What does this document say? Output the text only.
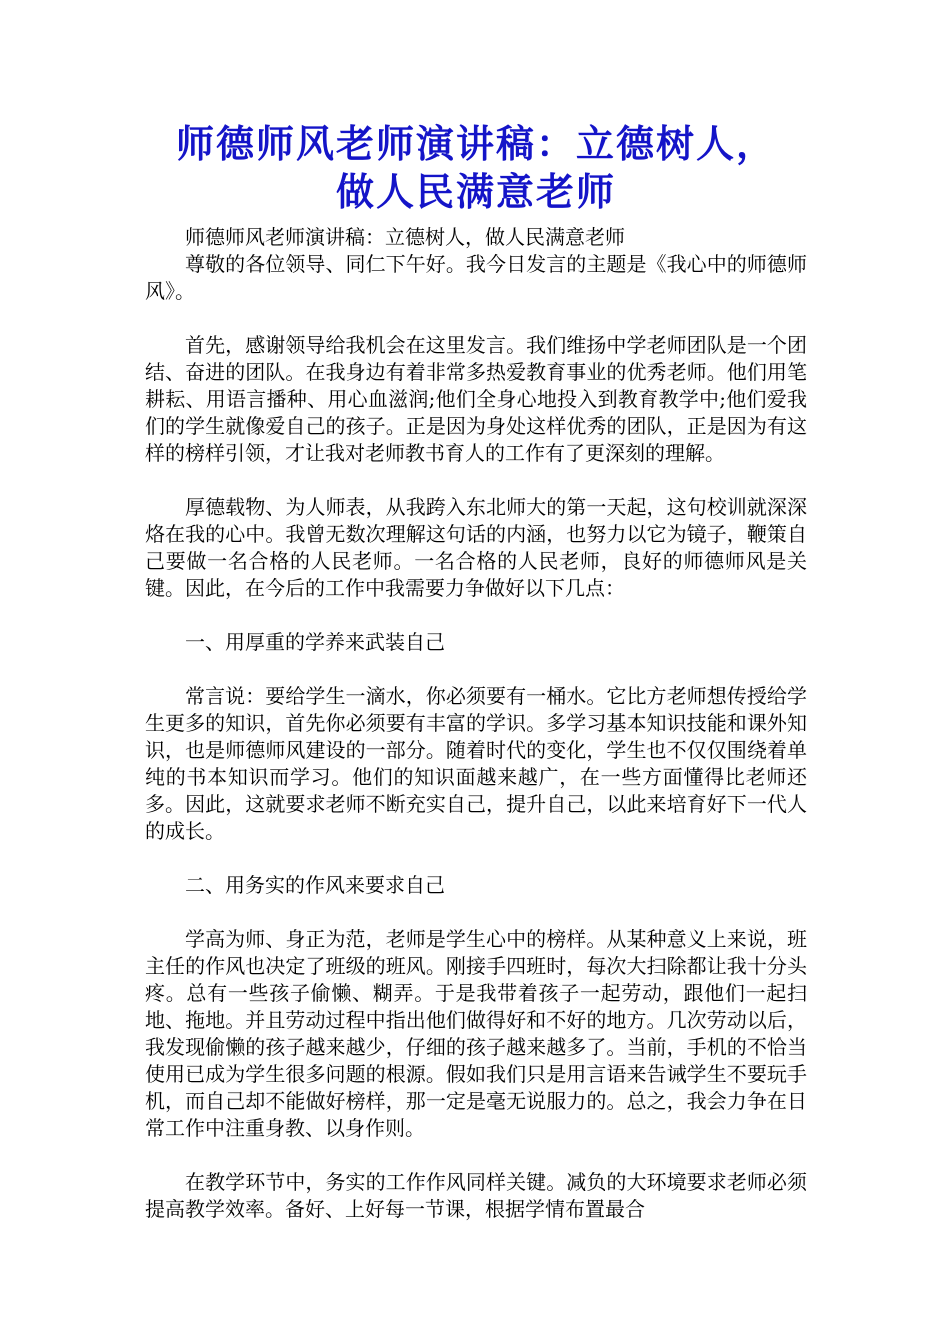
师德师风老师演讲稿：立德树人，
做人民满意老师

师德师风老师演讲稿：立德树人，做人民满意老师

尊敬的各位领导、同仁下午好。我今日发言的主题是《我心中的师德师风》。

首先，感谢领导给我机会在这里发言。我们维扬中学老师团队是一个团结、奋进的团队。在我身边有着非常多热爱教育事业的优秀老师。他们用笔耕耘、用语言播种、用心血滋润;他们全身心地投入到教育教学中;他们爱我们的学生就像爱自己的孩子。正是因为身处这样优秀的团队，正是因为有这样的榜样引领，才让我对老师教书育人的工作有了更深刻的理解。

厚德载物、为人师表，从我跨入东北师大的第一天起，这句校训就深深烙在我的心中。我曾无数次理解这句话的内涵，也努力以它为镜子，鞭策自己要做一名合格的人民老师。一名合格的人民老师，良好的师德师风是关键。因此，在今后的工作中我需要力争做好以下几点：

一、用厚重的学养来武装自己

常言说：要给学生一滴水，你必须要有一桶水。它比方老师想传授给学生更多的知识，首先你必须要有丰富的学识。多学习基本知识技能和课外知识，也是师德师风建设的一部分。随着时代的变化，学生也不仅仅围绕着单纯的书本知识而学习。他们的知识面越来越广，在一些方面懂得比老师还多。因此，这就要求老师不断充实自己，提升自己，以此来培育好下一代人的成长。

二、用务实的作风来要求自己

学高为师、身正为范，老师是学生心中的榜样。从某种意义上来说，班主任的作风也决定了班级的班风。刚接手四班时，每次大扫除都让我十分头疼。总有一些孩子偷懒、糊弄。于是我带着孩子一起劳动，跟他们一起扫地、拖地。并且劳动过程中指出他们做得好和不好的地方。几次劳动以后，我发现偷懒的孩子越来越少，仔细的孩子越来越多了。当前，手机的不恰当使用已成为学生很多问题的根源。假如我们只是用言语来告诫学生不要玩手机，而自己却不能做好榜样，那一定是毫无说服力的。总之，我会力争在日常工作中注重身教、以身作则。

在教学环节中，务实的工作作风同样关键。减负的大环境要求老师必须提高教学效率。备好、上好每一节课，根据学情布置最合
